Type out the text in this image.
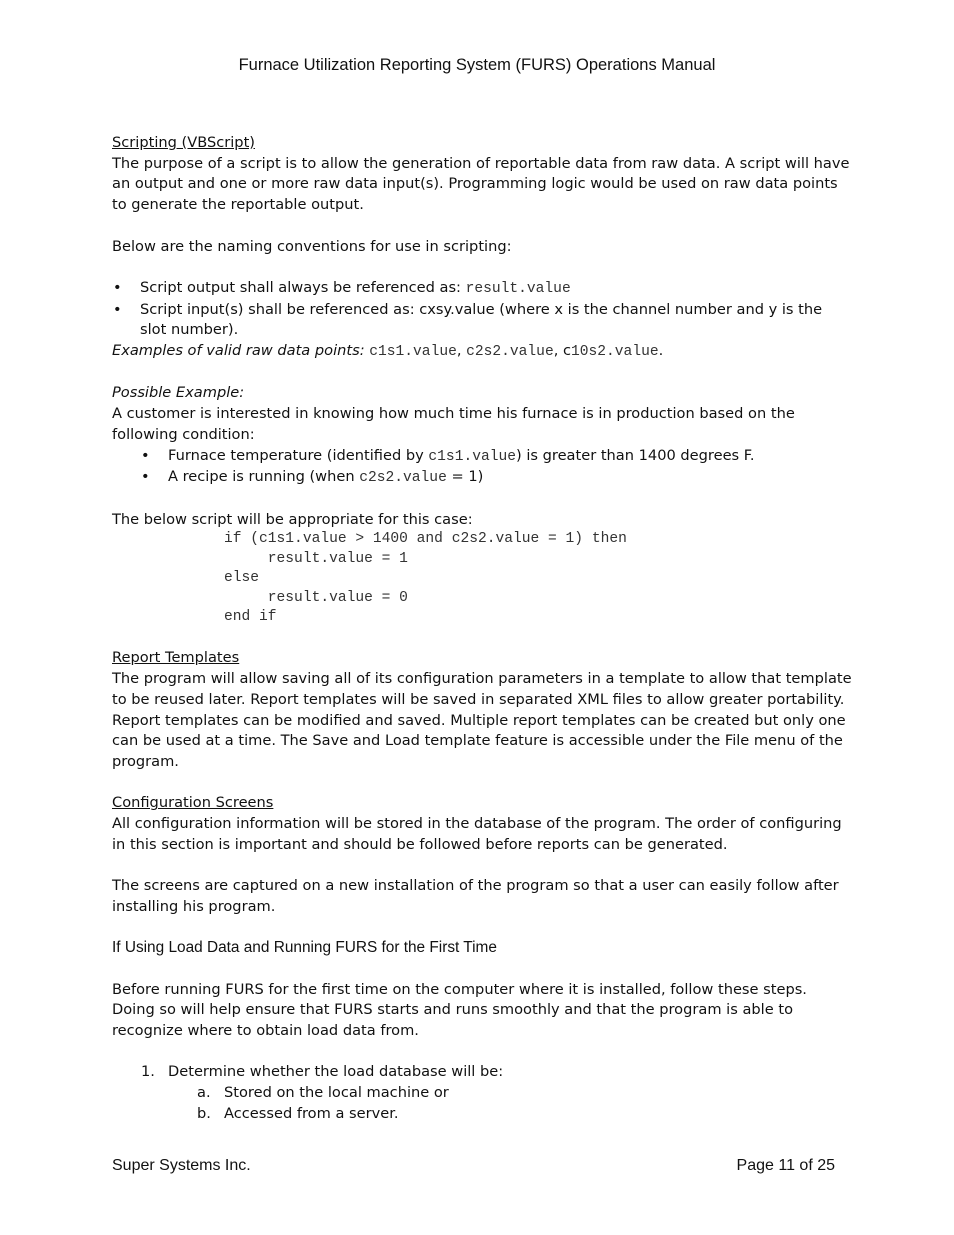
Furnace Utilization Reporting System (FURS) Operations Manual

Scripting (VBScript)

The purpose of a script is to allow the generation of reportable data from raw data. A script will have an output and one or more raw data input(s). Programming logic would be used on raw data points to generate the reportable output.

Below are the naming conventions for use in scripting:

• Script output shall always be referenced as: result.value
• Script input(s) shall be referenced as: cxsy.value (where x is the channel number and y is the slot number).

Examples of valid raw data points: c1s1.value, c2s2.value, c10s2.value.

Possible Example:

A customer is interested in knowing how much time his furnace is in production based on the following condition:

• Furnace temperature (identified by c1s1.value) is greater than 1400 degrees F.
• A recipe is running (when c2s2.value = 1)

The below script will be appropriate for this case:

if (c1s1.value > 1400 and c2s2.value = 1) then
result.value = 1
else
result.value = 0
end if

Report Templates

The program will allow saving all of its configuration parameters in a template to allow that template to be reused later. Report templates will be saved in separated XML files to allow greater portability. Report templates can be modified and saved. Multiple report templates can be created but only one can be used at a time. The Save and Load template feature is accessible under the File menu of the program.

Configuration Screens

All configuration information will be stored in the database of the program. The order of configuring in this section is important and should be followed before reports can be generated.

The screens are captured on a new installation of the program so that a user can easily follow after installing his program.

If Using Load Data and Running FURS for the First Time

Before running FURS for the first time on the computer where it is installed, follow these steps. Doing so will help ensure that FURS starts and runs smoothly and that the program is able to recognize where to obtain load data from.

1. Determine whether the load database will be:
a. Stored on the local machine or
b. Accessed from a server.
Super Systems Inc.	Page 11 of 25
